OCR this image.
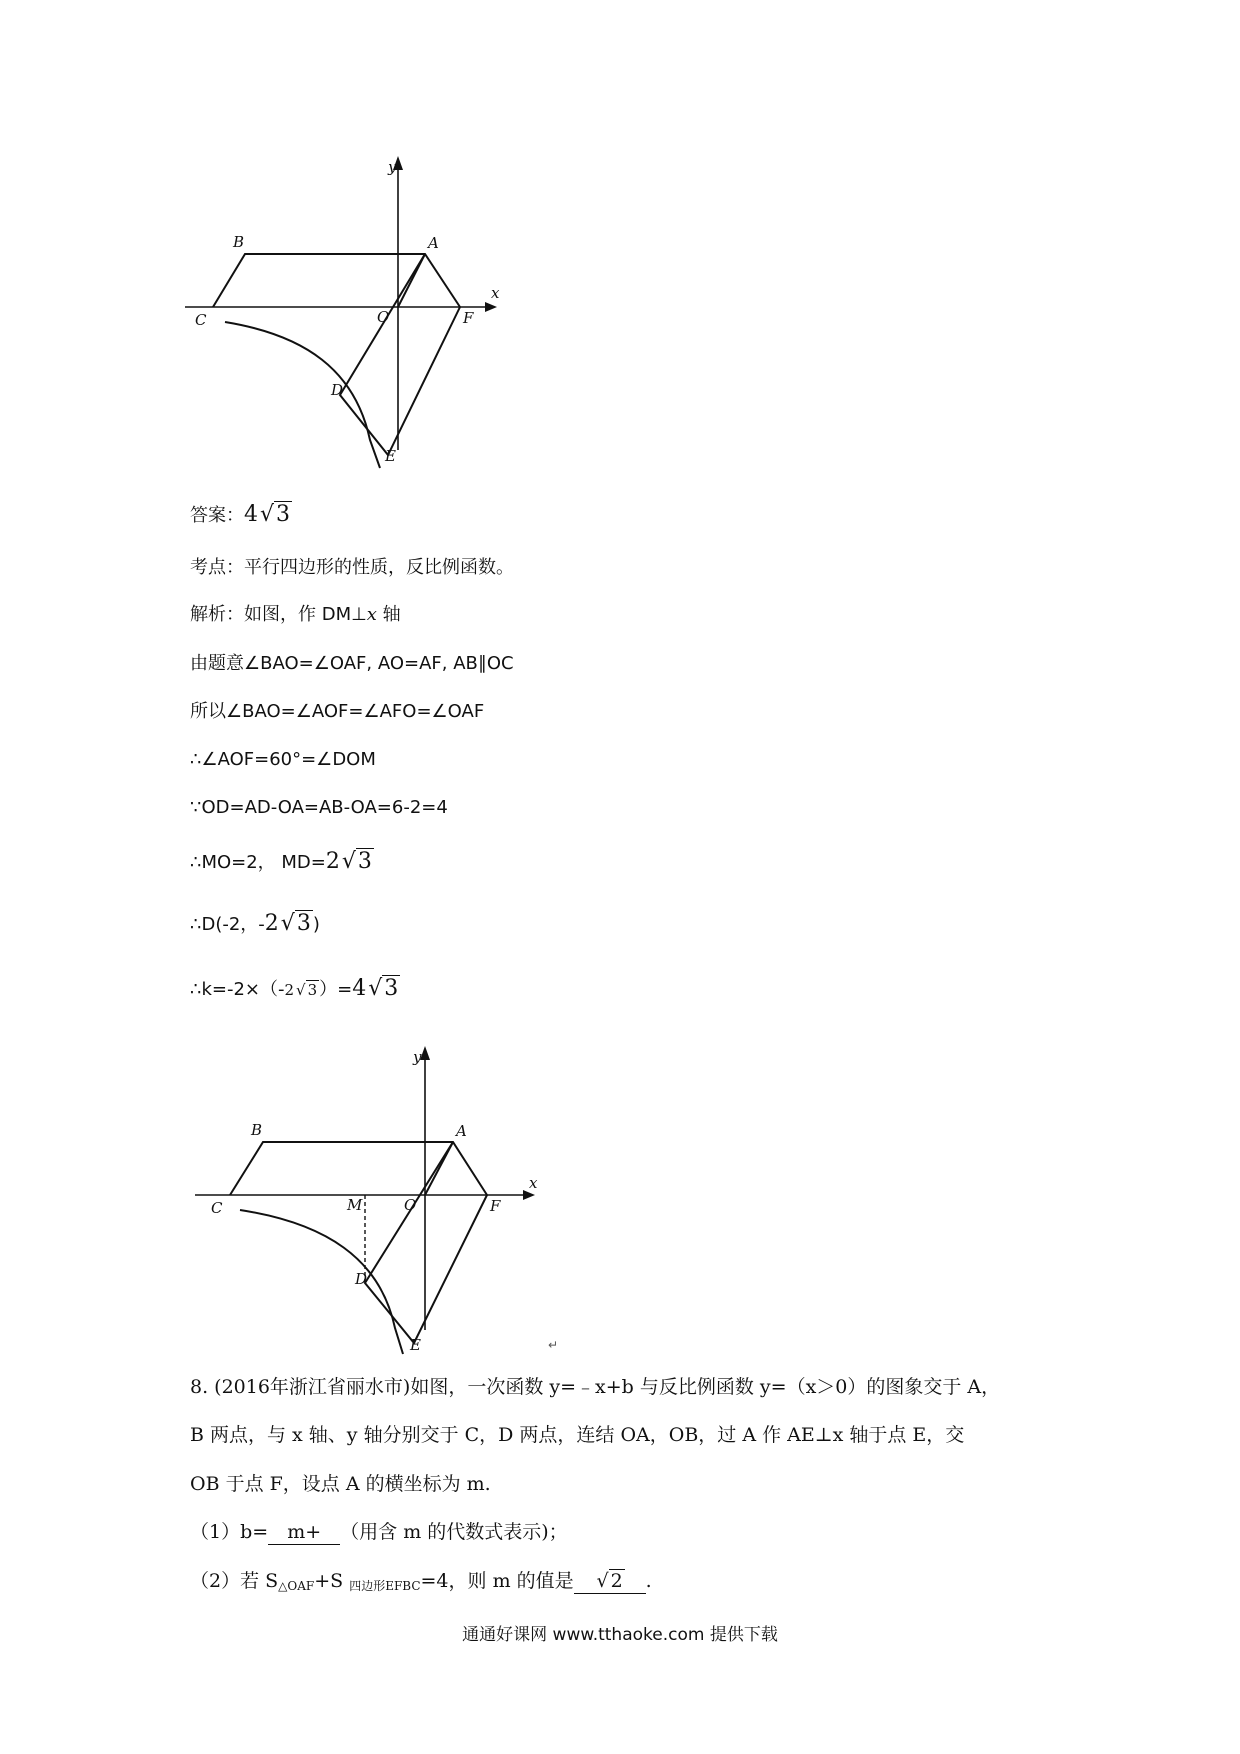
y
x
B	A
C	O	F
D
E
答案：4√3
考点：平行四边形的性质，反比例函数。
解析：如图，作 DM⊥x 轴
由题意∠BAO=∠OAF, AO=AF, AB∥OC
所以∠BAO=∠AOF=∠AFO=∠OAF
∴∠AOF=60°=∠DOM
∵OD=AD-OA=AB-OA=6-2=4
∴MO=2， MD=2√3
∴D(-2，-2√3 )
∴k=-2×（-2 √ 3 ）=4√3
y
x
B	A
C	M	O	F
D
E	↵
8. (2016年浙江省丽水市)如图，一次函数 y=﹣x+b 与反比例函数 y=（x＞0）的图象交于 A，
B 两点，与 x 轴、y 轴分别交于 C，D 两点，连结 OA，OB，过 A 作 AE⊥x 轴于点 E，交
OB 于点 F，设点 A 的横坐标为 m.
（1）b= m+ （用含 m 的代数式表示)；
（2）若 $S_{\triangle OAF}+S$ $_{四边形EFBC}$=4，则 m 的值是 √ 2 .
通通好课网 www.tthaoke.com 提供下载
